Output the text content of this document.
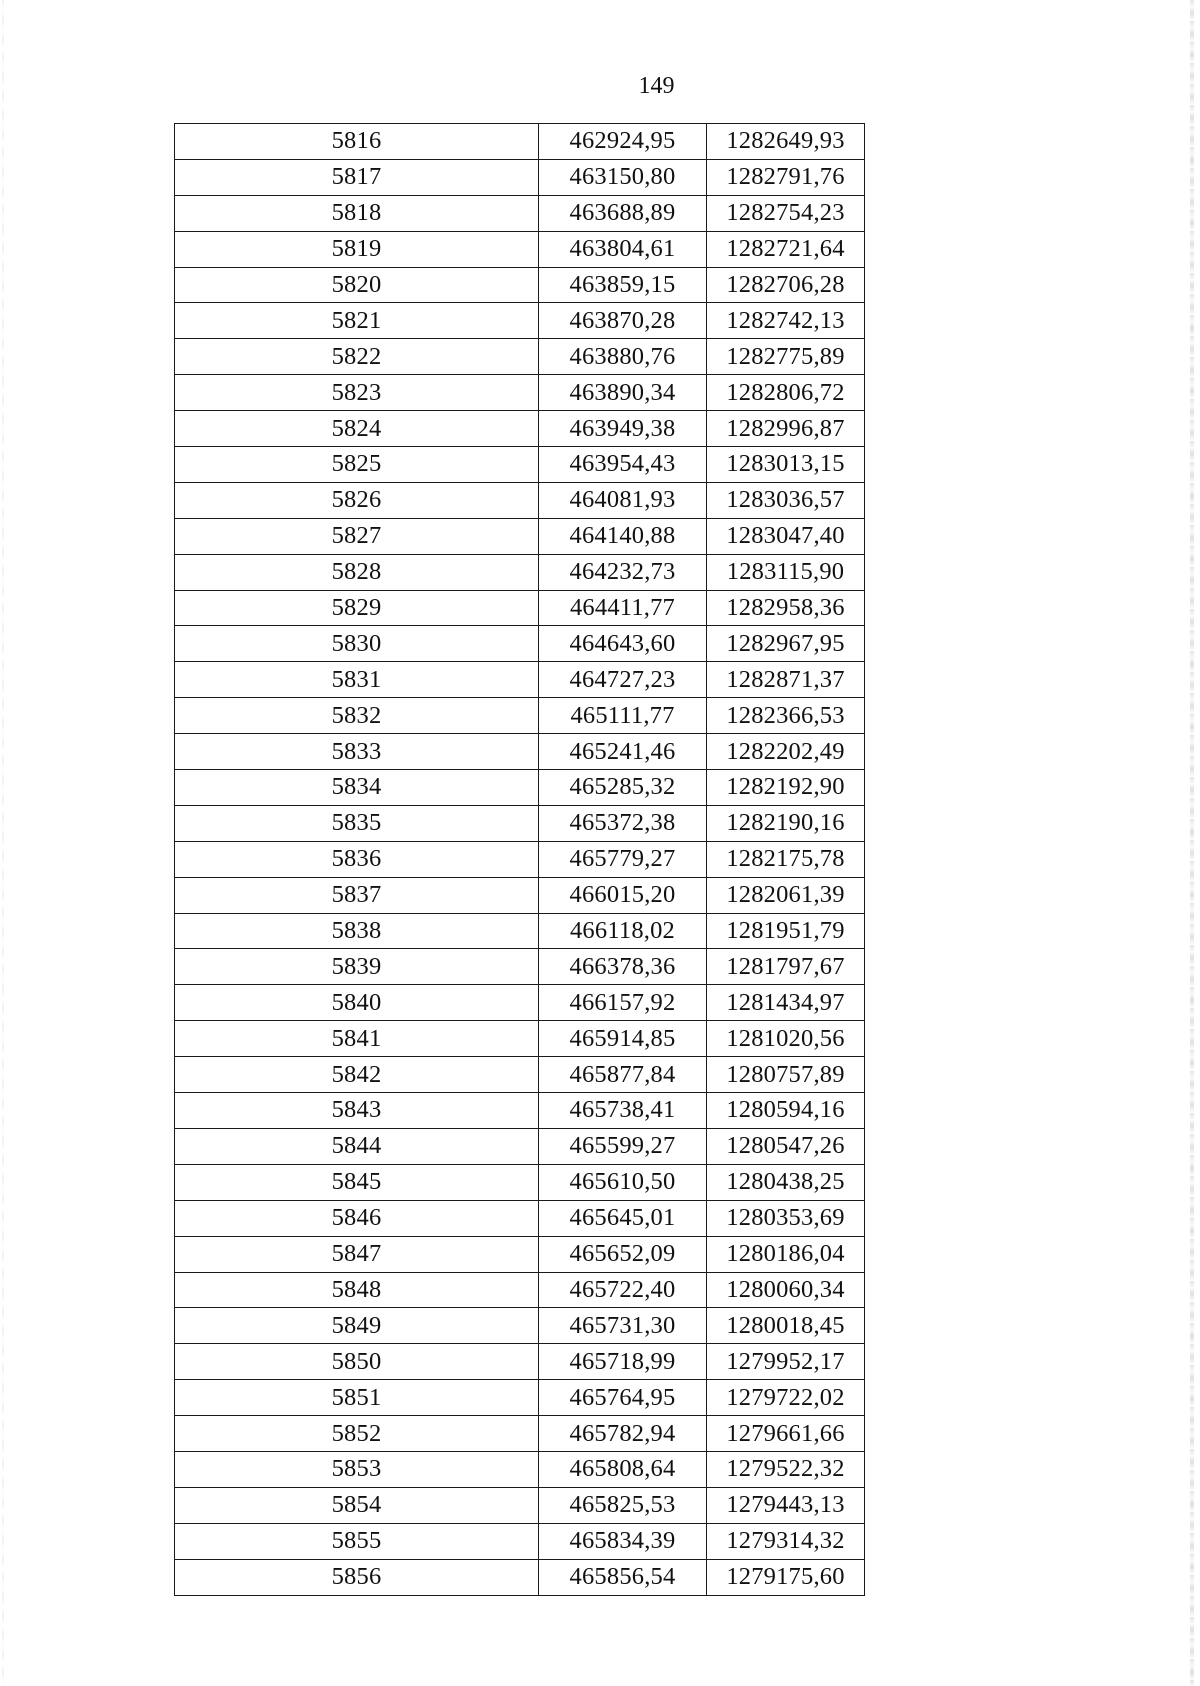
149
5816	462924,95	1282649,93
5817	463150,80	1282791,76
5818	463688,89	1282754,23
5819	463804,61	1282721,64
5820	463859,15	1282706,28
5821	463870,28	1282742,13
5822	463880,76	1282775,89
5823	463890,34	1282806,72
5824	463949,38	1282996,87
5825	463954,43	1283013,15
5826	464081,93	1283036,57
5827	464140,88	1283047,40
5828	464232,73	1283115,90
5829	464411,77	1282958,36
5830	464643,60	1282967,95
5831	464727,23	1282871,37
5832	465111,77	1282366,53
5833	465241,46	1282202,49
5834	465285,32	1282192,90
5835	465372,38	1282190,16
5836	465779,27	1282175,78
5837	466015,20	1282061,39
5838	466118,02	1281951,79
5839	466378,36	1281797,67
5840	466157,92	1281434,97
5841	465914,85	1281020,56
5842	465877,84	1280757,89
5843	465738,41	1280594,16
5844	465599,27	1280547,26
5845	465610,50	1280438,25
5846	465645,01	1280353,69
5847	465652,09	1280186,04
5848	465722,40	1280060,34
5849	465731,30	1280018,45
5850	465718,99	1279952,17
5851	465764,95	1279722,02
5852	465782,94	1279661,66
5853	465808,64	1279522,32
5854	465825,53	1279443,13
5855	465834,39	1279314,32
5856	465856,54	1279175,60
